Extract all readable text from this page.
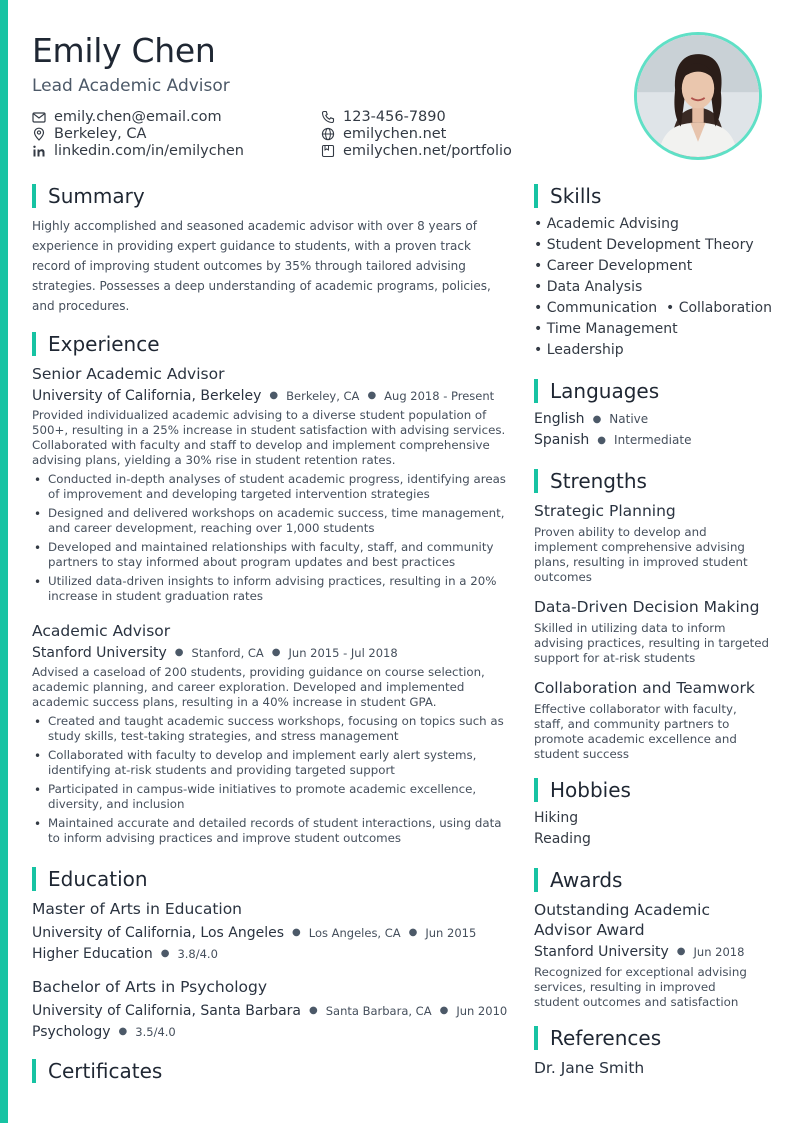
Emily Chen
Lead Academic Advisor
emily.chen@email.com	123-456-7890
Berkeley, CA	emilychen.net
linkedin.com/in/emilychen	emilychen.net/portfolio
Summary
Highly accomplished and seasoned academic advisor with over 8 years of experience in providing expert guidance to students, with a proven track record of improving student outcomes by 35% through tailored advising strategies. Possesses a deep understanding of academic programs, policies, and procedures.
Experience
Senior Academic Advisor
University of California, Berkeley ● Berkeley, CA ● Aug 2018 - Present
Provided individualized academic advising to a diverse student population of 500+, resulting in a 25% increase in student satisfaction with advising services. Collaborated with faculty and staff to develop and implement comprehensive advising plans, yielding a 30% rise in student retention rates.
• Conducted in-depth analyses of student academic progress, identifying areas of improvement and developing targeted intervention strategies
• Designed and delivered workshops on academic success, time management, and career development, reaching over 1,000 students
• Developed and maintained relationships with faculty, staff, and community partners to stay informed about program updates and best practices
• Utilized data-driven insights to inform advising practices, resulting in a 20% increase in student graduation rates
Academic Advisor
Stanford University ● Stanford, CA ● Jun 2015 - Jul 2018
Advised a caseload of 200 students, providing guidance on course selection, academic planning, and career exploration. Developed and implemented academic success plans, resulting in a 40% increase in student GPA.
• Created and taught academic success workshops, focusing on topics such as study skills, test-taking strategies, and stress management
• Collaborated with faculty to develop and implement early alert systems, identifying at-risk students and providing targeted support
• Participated in campus-wide initiatives to promote academic excellence, diversity, and inclusion
• Maintained accurate and detailed records of student interactions, using data to inform advising practices and improve student outcomes
Education
Master of Arts in Education
University of California, Los Angeles ● Los Angeles, CA ● Jun 2015
Higher Education ● 3.8/4.0
Bachelor of Arts in Psychology
University of California, Santa Barbara ● Santa Barbara, CA ● Jun 2010
Psychology ● 3.5/4.0
Certificates
Skills
• Academic Advising
• Student Development Theory
• Career Development
• Data Analysis
• Communication  • Collaboration
• Time Management
• Leadership
Languages
English ● Native
Spanish ● Intermediate
Strengths
Strategic Planning
Proven ability to develop and implement comprehensive advising plans, resulting in improved student outcomes
Data-Driven Decision Making
Skilled in utilizing data to inform advising practices, resulting in targeted support for at-risk students
Collaboration and Teamwork
Effective collaborator with faculty, staff, and community partners to promote academic excellence and student success
Hobbies
Hiking
Reading
Awards
Outstanding Academic Advisor Award
Stanford University ● Jun 2018
Recognized for exceptional advising services, resulting in improved student outcomes and satisfaction
References
Dr. Jane Smith
